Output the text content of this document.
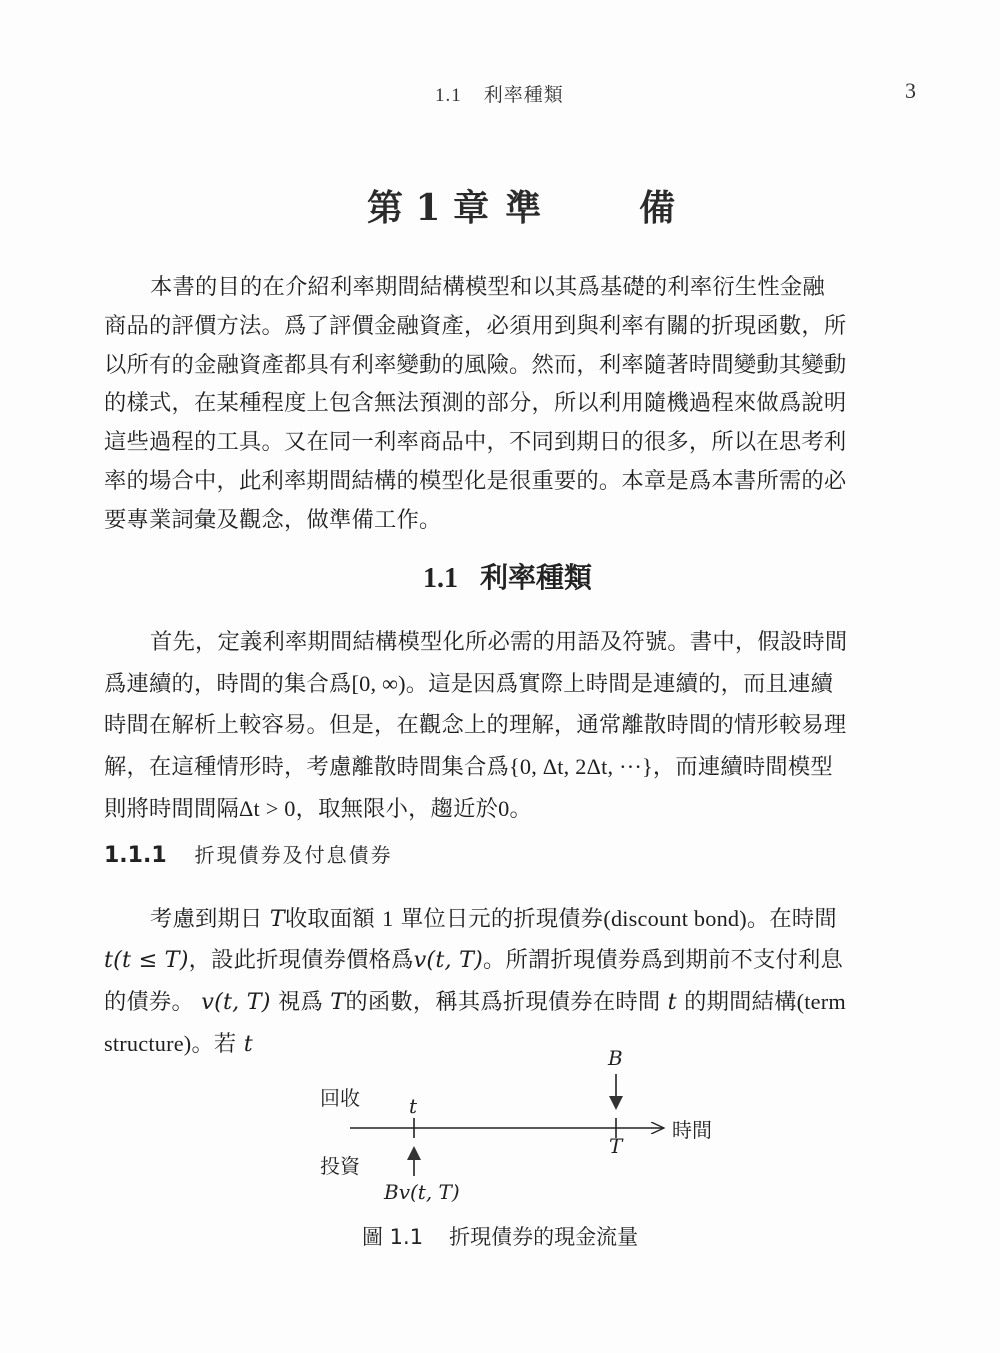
1.1 利率種類	3
第 1 章 準	備
本書的目的在介紹利率期間結構模型和以其爲基礎的利率衍生性金融
商品的評價方法。爲了評價金融資產，必須用到與利率有關的折現函數，所
以所有的金融資產都具有利率變動的風險。然而，利率隨著時間變動其變動
的樣式，在某種程度上包含無法預測的部分，所以利用隨機過程來做爲說明
這些過程的工具。又在同一利率商品中，不同到期日的很多，所以在思考利
率的場合中，此利率期間結構的模型化是很重要的。本章是爲本書所需的必
要專業詞彙及觀念，做準備工作。
1.1 利率種類
首先，定義利率期間結構模型化所必需的用語及符號。書中，假設時間
爲連續的，時間的集合爲[0, ∞)。這是因爲實際上時間是連續的，而且連續
時間在解析上較容易。但是，在觀念上的理解，通常離散時間的情形較易理
解，在這種情形時，考慮離散時間集合爲{0, Δt, 2Δt, ···}，而連續時間模型
則將時間間隔Δt > 0，取無限小，趨近於0。
1.1.1 折現債券及付息債券
考慮到期日 T收取面額 1 單位日元的折現債券(discount bond)。在時間
t(t ≤ T)，設此折現債券價格爲v(t, T)。所謂折現債券爲到期前不支付利息
的債券。 v(t, T) 視爲 T的函數，稱其爲折現債券在時間 t 的期間結構(term
structure)。若 t
回收
投資
時間
t
T
B
Bv(t, T)
圖 1.1 折現債券的現金流量
